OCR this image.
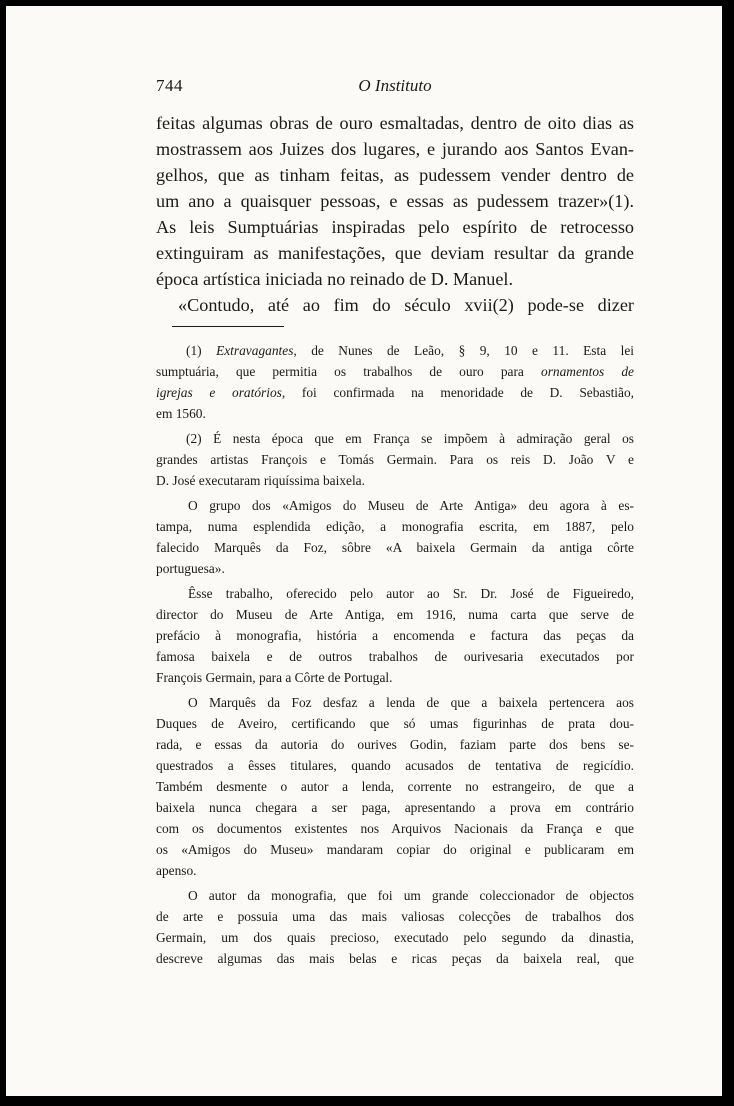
744	O Instituto
feitas algumas obras de ouro esmaltadas, dentro de oito dias as
mostrassem aos Juizes dos lugares, e jurando aos Santos Evan-
gelhos, que as tinham feitas, as pudessem vender dentro de
um ano a quaisquer pessoas, e essas as pudessem trazer»(1).
As leis Sumptuárias inspiradas pelo espírito de retrocesso
extinguiram as manifestações, que deviam resultar da grande
época artística iniciada no reinado de D. Manuel.
«Contudo, até ao fim do século xvii(2) pode-se dizer
(1) Extravagantes, de Nunes de Leão, § 9, 10 e 11. Esta lei
sumptuária, que permitia os trabalhos de ouro para ornamentos de
igrejas e oratórios, foi confirmada na menoridade de D. Sebastião,
em 1560.
(2) É nesta época que em França se impõem à admiração geral os
grandes artistas François e Tomás Germain. Para os reis D. João V e
D. José executaram riquíssima baixela.
O grupo dos «Amigos do Museu de Arte Antiga» deu agora à es-
tampa, numa esplendida edição, a monografia escrita, em 1887, pelo
falecido Marquês da Foz, sôbre «A baixela Germain da antiga côrte
portuguesa».
Êsse trabalho, oferecido pelo autor ao Sr. Dr. José de Figueiredo,
director do Museu de Arte Antiga, em 1916, numa carta que serve de
prefácio à monografia, história a encomenda e factura das peças da
famosa baixela e de outros trabalhos de ourivesaria executados por
François Germain, para a Côrte de Portugal.
O Marquês da Foz desfaz a lenda de que a baixela pertencera aos
Duques de Aveiro, certificando que só umas figurinhas de prata dou-
rada, e essas da autoria do ourives Godin, faziam parte dos bens se-
questrados a êsses titulares, quando acusados de tentativa de regicídio.
Também desmente o autor a lenda, corrente no estrangeiro, de que a
baixela nunca chegara a ser paga, apresentando a prova em contrário
com os documentos existentes nos Arquivos Nacionais da França e que
os «Amigos do Museu» mandaram copiar do original e publicaram em
apenso.
O autor da monografia, que foi um grande coleccionador de objectos
de arte e possuia uma das mais valiosas colecções de trabalhos dos
Germain, um dos quais precioso, executado pelo segundo da dinastia,
descreve algumas das mais belas e ricas peças da baixela real, que
